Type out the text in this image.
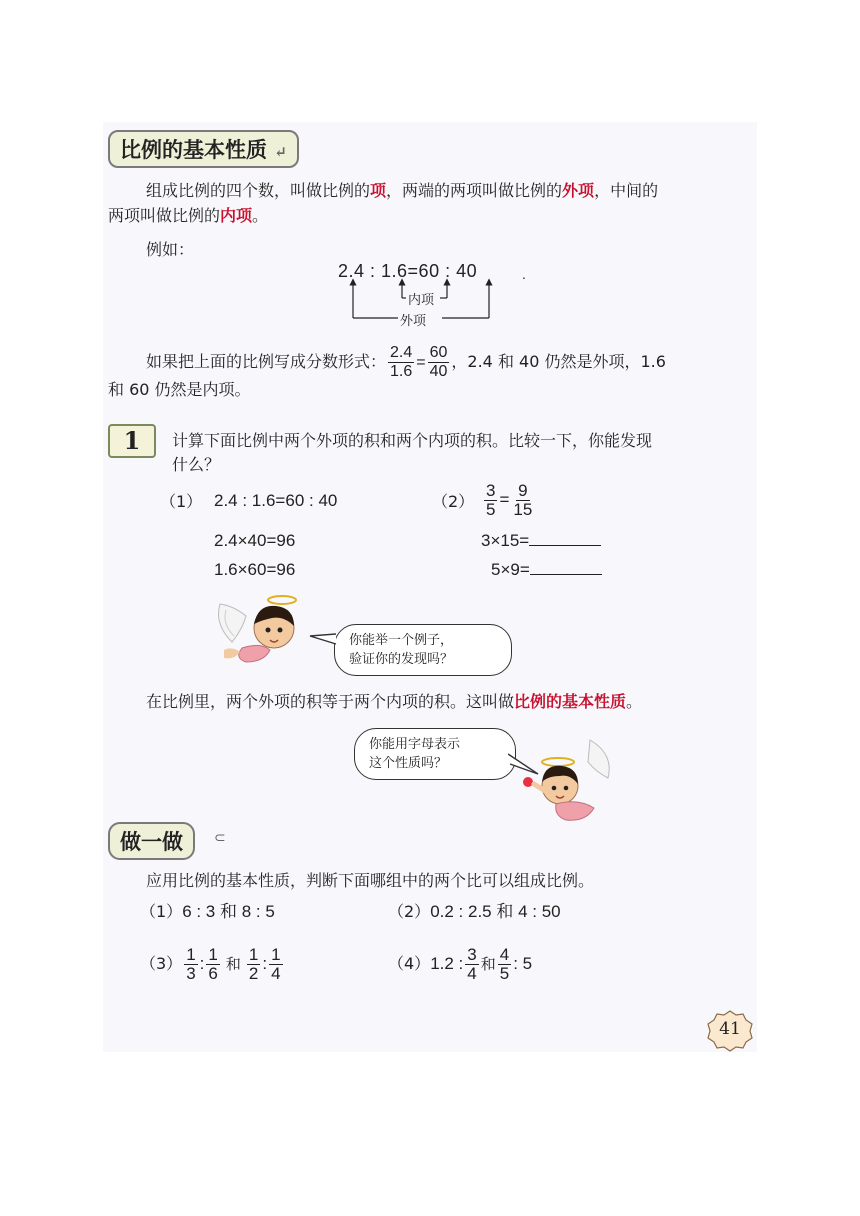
比例的基本性质 ↵
组成比例的四个数，叫做比例的项，两端的两项叫做比例的外项，中间的
两项叫做比例的内项。
例如：
2.4 : 1.6=60 : 40	.
内项
外项
如果把上面的比例写成分数形式： $\frac{2.4}{1.6} = \frac{60}{40}$ ，2.4 和 40 仍然是外项，1.6
和 60 仍然是内项。
1	计算下面比例中两个外项的积和两个内项的积。比较一下，你能发现
什么？
（1） 2.4 : 1.6=60 : 40
2.4×40=96
1.6×60=96
$(2) \frac{3}{5} = \frac{9}{15}$
3×15=
5×9=
你能举一个例子，
验证你的发现吗？
在比例里，两个外项的积等于两个内项的积。这叫做比例的基本性质。
你能用字母表示
这个性质吗？
做一做	⊂
应用比例的基本性质，判断下面哪组中的两个比可以组成比例。
（1）6 : 3 和 8 : 5	（2）0.2 : 2.5 和 4 : 50
$(3) \frac{1}{3}$ : $\frac{1}{6}$ 和 $\frac{1}{2}$ : $\frac{1}{4}$	（4）1.2 : $\frac{3}{4}$ 和 $\frac{4}{5}$ : 5
41
